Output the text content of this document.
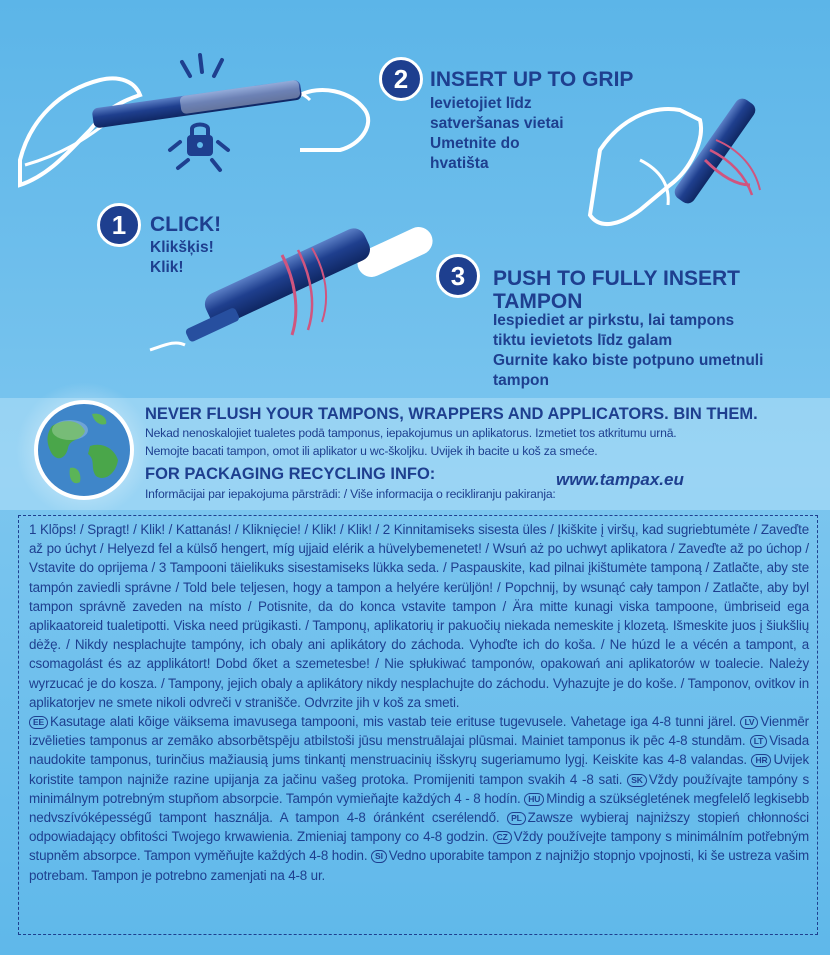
1	CLICK!
Klikšķis!
Klik!
2	INSERT UP TO GRIP
Ievietojiet līdz
satveršanas vietai
Umetnite do
hvatišta
3	PUSH TO FULLY INSERT
TAMPON
Iespiediet ar pirkstu, lai tampons
tiktu ievietots līdz galam
Gurnite kako biste potpuno umetnuli
tampon
NEVER FLUSH YOUR TAMPONS, WRAPPERS AND APPLICATORS. BIN THEM.
Nekad nenoskalojiet tualetes podā tamponus, iepakojumus un aplikatorus. Izmetiet tos atkritumu urnā.
Nemojte bacati tampon, omot ili aplikator u wc-školjku. Uvijek ih bacite u koš za smeće.
FOR PACKAGING RECYCLING INFO:
Informācijai par iepakojuma pārstrādi: / Više informacija o recikliranju pakiranja:
www.tampax.eu

1 Klõps! / Spragt! / Klik! / Kattanás! / Kliknięcie! / Klik! / Klik! / 2 Kinnitamiseks sisesta üles / Įkiškite į viršų, kad sugriebtumėte / Zaveďte až po úchyt / Helyezd fel a külső hengert, míg ujjaid elérik a hüvelybemenetet! / Wsuń aż po uchwyt aplikatora / Zaveďte až po úchop / Vstavite do oprijema / 3 Tampooni täielikuks sisestamiseks lükka seda. / Paspauskite, kad pilnai įkištumėte tamponą / Zatlačte, aby ste tampón zaviedli správne / Told bele teljesen, hogy a tampon a helyére kerüljön! / Popchnij, by wsunąć cały tampon / Zatlačte, aby byl tampon správně zaveden na místo / Potisnite, da do konca vstavite tampon / Ära mitte kunagi viska tampoone, ümbriseid ega aplikaatoreid tualetipotti. Viska need prügikasti. / Tamponų, aplikatorių ir pakuočių niekada nemeskite į klozetą. Išmeskite juos į šiukšlių dėžę. / Nikdy nesplachujte tampóny, ich obaly ani aplikátory do záchoda. Vyhoďte ich do koša. / Ne húzd le a vécén a tampont, a csomagolást és az applikátort! Dobd őket a szemetesbe! / Nie spłukiwać tamponów, opakowań ani aplikatorów w toalecie. Należy wyrzucać je do kosza. / Tampony, jejich obaly a aplikátory nikdy nesplachujte do záchodu. Vyhazujte je do koše. / Tamponov, ovitkov in aplikatorjev ne smete nikoli odvreči v straniščе. Odvrzite jih v koš za smeti.

EE Kasutage alati kõige väiksema imavusega tampooni, mis vastab teie erituse tugevusele. Vahetage iga 4-8 tunni järel. LV Vienmēr izvēlieties tamponus ar zemāko absorbētspēju atbilstoši jūsu menstruālajai plūsmai. Mainiet tamponus ik pēc 4-8 stundām. LT Visada naudokite tamponus, turinčius mažiausią jums tinkantį menstruacinių išskyrų sugeriamumo lygį. Keiskite kas 4-8 valandas. HR Uvijek koristite tampon najniže razine upijanja za jačinu vašeg protoka. Promijeniti tampon svakih 4 -8 sati. SK Vždy používajte tampóny s minimálnym potrebným stupňom absorpcie. Tampón vymieňajte každých 4 - 8 hodín. HU Mindig a szükségletének megfelelő legkisebb nedvszívóképességű tampont használja. A tampon 4-8 óránként cserélendő. PL Zawsze wybieraj najniższy stopień chłonności odpowiadający obfitości Twojego krwawienia. Zmieniaj tampony co 4-8 godzin. CZ Vždy používejte tampony s minimálním potřebným stupněm absorpce. Tampon vyměňujte každých 4-8 hodin. SI Vedno uporabite tampon z najnižjo stopnjo vpojnosti, ki še ustreza vašim potrebam. Tampon je potrebno zamenjati na 4-8 ur.
